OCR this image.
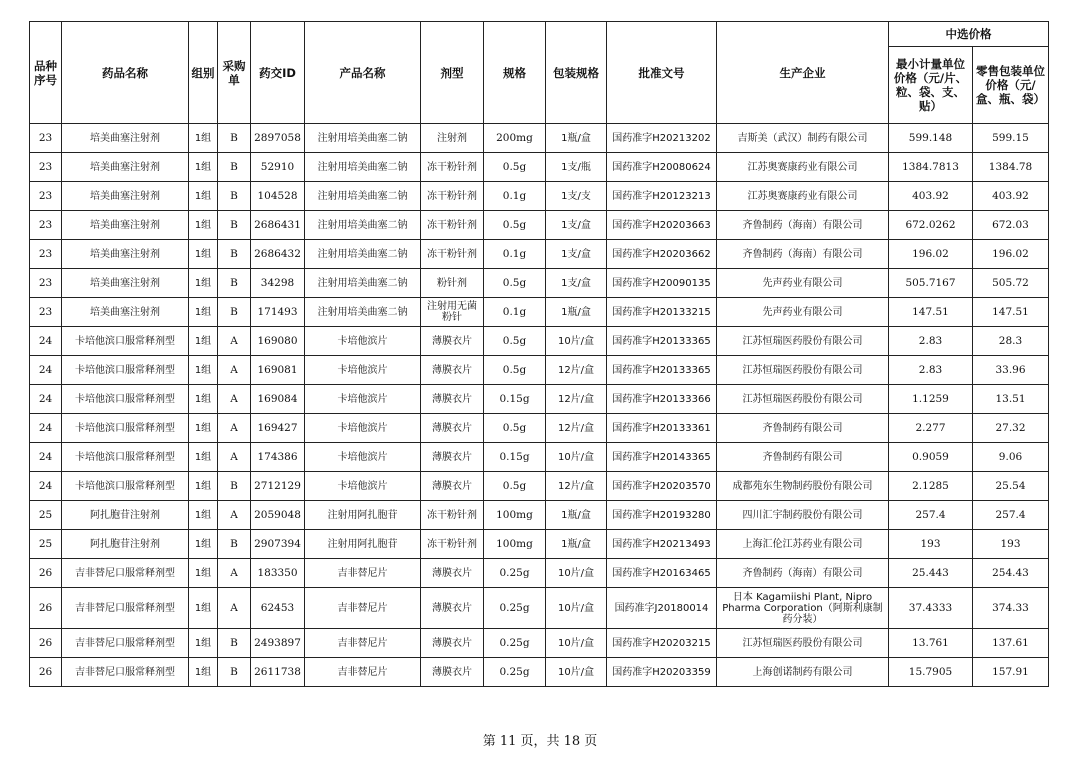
品种序号	药品名称	组别	采购单	药交ID	产品名称	剂型	规格	包装规格	批准文号	生产企业	中选价格	
											最小计量单位价格（元/片、粒、袋、支、贴）	零售包装单位价格（元/盒、瓶、袋）
23	培美曲塞注射剂	1组	B	2897058	注射用培美曲塞二钠	注射剂	200mg	1瓶/盒	国药准字H20213202	吉斯美（武汉）制药有限公司	599.148	599.15
23	培美曲塞注射剂	1组	B	52910	注射用培美曲塞二钠	冻干粉针剂	0.5g	1支/瓶	国药准字H20080624	江苏奥赛康药业有限公司	1384.7813	1384.78
23	培美曲塞注射剂	1组	B	104528	注射用培美曲塞二钠	冻干粉针剂	0.1g	1支/支	国药准字H20123213	江苏奥赛康药业有限公司	403.92	403.92
23	培美曲塞注射剂	1组	B	2686431	注射用培美曲塞二钠	冻干粉针剂	0.5g	1支/盒	国药准字H20203663	齐鲁制药（海南）有限公司	672.0262	672.03
23	培美曲塞注射剂	1组	B	2686432	注射用培美曲塞二钠	冻干粉针剂	0.1g	1支/盒	国药准字H20203662	齐鲁制药（海南）有限公司	196.02	196.02
23	培美曲塞注射剂	1组	B	34298	注射用培美曲塞二钠	粉针剂	0.5g	1支/盒	国药准字H20090135	先声药业有限公司	505.7167	505.72
23	培美曲塞注射剂	1组	B	171493	注射用培美曲塞二钠	注射用无菌粉针	0.1g	1瓶/盒	国药准字H20133215	先声药业有限公司	147.51	147.51
24	卡培他滨口服常释剂型	1组	A	169080	卡培他滨片	薄膜衣片	0.5g	10片/盒	国药准字H20133365	江苏恒瑞医药股份有限公司	2.83	28.3
24	卡培他滨口服常释剂型	1组	A	169081	卡培他滨片	薄膜衣片	0.5g	12片/盒	国药准字H20133365	江苏恒瑞医药股份有限公司	2.83	33.96
24	卡培他滨口服常释剂型	1组	A	169084	卡培他滨片	薄膜衣片	0.15g	12片/盒	国药准字H20133366	江苏恒瑞医药股份有限公司	1.1259	13.51
24	卡培他滨口服常释剂型	1组	A	169427	卡培他滨片	薄膜衣片	0.5g	12片/盒	国药准字H20133361	齐鲁制药有限公司	2.277	27.32
24	卡培他滨口服常释剂型	1组	A	174386	卡培他滨片	薄膜衣片	0.15g	10片/盒	国药准字H20143365	齐鲁制药有限公司	0.9059	9.06
24	卡培他滨口服常释剂型	1组	B	2712129	卡培他滨片	薄膜衣片	0.5g	12片/盒	国药准字H20203570	成都苑东生物制药股份有限公司	2.1285	25.54
25	阿扎胞苷注射剂	1组	A	2059048	注射用阿扎胞苷	冻干粉针剂	100mg	1瓶/盒	国药准字H20193280	四川汇宇制药股份有限公司	257.4	257.4
25	阿扎胞苷注射剂	1组	B	2907394	注射用阿扎胞苷	冻干粉针剂	100mg	1瓶/盒	国药准字H20213493	上海汇伦江苏药业有限公司	193	193
26	吉非替尼口服常释剂型	1组	A	183350	吉非替尼片	薄膜衣片	0.25g	10片/盒	国药准字H20163465	齐鲁制药（海南）有限公司	25.443	254.43
26	吉非替尼口服常释剂型	1组	A	62453	吉非替尼片	薄膜衣片	0.25g	10片/盒	国药准字J20180014	日本 Kagamiishi Plant, Nipro Pharma Corporation（阿斯利康制药分装）	37.4333	374.33
26	吉非替尼口服常释剂型	1组	B	2493897	吉非替尼片	薄膜衣片	0.25g	10片/盒	国药准字H20203215	江苏恒瑞医药股份有限公司	13.761	137.61
26	吉非替尼口服常释剂型	1组	B	2611738	吉非替尼片	薄膜衣片	0.25g	10片/盒	国药准字H20203359	上海创诺制药有限公司	15.7905	157.91
第 11 页，共 18 页
